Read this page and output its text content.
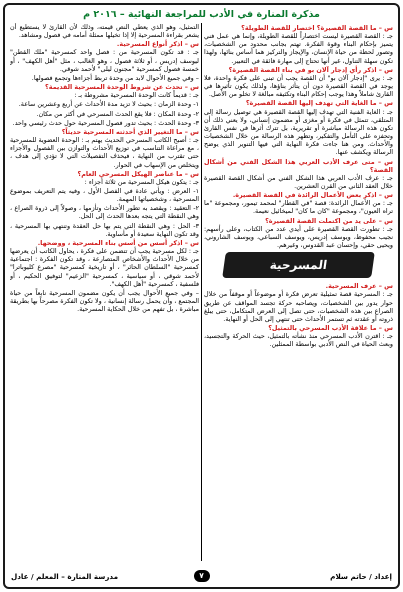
مذكرة المنارة في الأدب للمراجعة النهائية – ٢٠١٦ م
س – ما القصة القصيرة؟ اختصار للقصة الطويلة؟
جـ : القصة القصيرة ليست اختصاراً للقصة الطويلة، وإنما هي عمل فني يتميز بإحكام البناء وقوة الفكرة. تهتم بجانب محدود من الشخصيات، وتصور لحظة من حياة الإنسان، والإيجاز والتركيز هما أساس بنائها، ولهذا تكون سهلة التناول، غير أنها تحتاج إلى مهارة فائقة في التعبير.
س – اذكر رأي إدجار آلان بو في بناء القصة القصيرة؟
جـ : يرى "إدجار آلان بو" أن القصة يجب أن تبنى على فكرة واحدة، فلا يوجد في القصة القصيرة دون أن يتأثر بناؤها، ولذلك يكون تأثيرها في القارئ شاملاً وهذا يوجب إحكام البناء وتكثيفه مبالغة لا تخلو من الأصل.
س – ما الغاية التي تهدف إليها القصة القصيرة؟
جـ : الغاية الفنية التي تهدف إليها القصة القصيرة هي توصيل رسالة إلى المتلقي، تتمثل في فكرة أو مغزى أو مضمون إنساني، ولا يعني ذلك أن تكون هذه الرسالة مباشرة أو تقريرية، بل تترك أثرها في نفس القارئ وتحفزه على التأمل والتفكير، وتظهر هذه الرسالة من خلال الشخصيات والأحداث. ومن هنا جاءت فكرة النهاية التي فيها التنوير الذي يوضح الرسالة ويكشف عنها.
س – متى عرف الأدب العربي هذا الشكل الفني من أشكال القصة؟
جـ : عرف الأدب العربي هذا الشكل الفني من أشكال القصة القصيرة خلال العقد الثاني من القرن العشرين.
س – اذكر بعض الأعمال الرائدة في القصة القصيرة.
جـ : من الأعمال الرائدة: قصة "في القطار" لمحمد تيمور، ومجموعة "ما تراه العيون"، ومجموعة "كان ما كان" لميخائيل نعيمة.
س – على يد من اكتملت القصة القصيرة؟
جـ : تطورت القصة القصيرة على أيدي عدد من الكتاب، وعلى رأسهم: نجيب محفوظ، ويوسف إدريس، ويوسف السباعي، ويوسف الشاروني، ويحيى حقي، وإحسان عبد القدوس، وغيرهم.
المسرحية
س – عرف المسرحية.
جـ : المسرحية قصة تمثيلية تعرض فكرة أو موضوعاً أو موقفاً من خلال حوار يدور بين الشخصيات، ويصاحبه حركة تجسد المواقف عن طريق الصراع بين هذه الشخصيات، حتى تصل إلى العرض المتكامل، حتى يبلغ ذروته أو عقدته ثم تستمر الأحداث حتى تنتهي إلى الحل أو النهاية.
س – ما علاقة الأدب المسرحي بالتمثيل؟
جـ : اقترن الأدب المسرحي منذ نشأته بالتمثيل، حيث الحركة والتجسيد، وبعث الحياة في النص الأدبي بواسطة الممثلين.
التمثيل، وهو الذي يعطي النص قيمته، وذلك لأن القارئ لا يستطيع أن يشعر بقراءة المسرحية إلا إذا تخيلها ممثلة أمامه في فصول ومشاهد.
س – اذكر أنواع المسرحية.
جـ : قد تكون المسرحية من : فصل واحد كمسرحية "ملك القطن" ليوسف إدريس ، أو ثلاثة فصول ، وهو الغالب ، مثل "أهل الكهف" ، أو خمسة فصول كمسرحية "مجنون ليلى" لأحمد شوقي.
– وفي جميع الأحوال لابد من وحدة تربط أجزاءها وتجمع فصولها.
س – تحدث عن شروط الوحدة المسرحية القديمة؟
جـ : قديماً كانت الوحدة المسرحية مشروطة بـ :
١- وحدة الزمان : بحيث لا تزيد مدة الأحداث عن أربع وعشرين ساعة.
٢- وحدة المكان : فلا يقع الحدث المسرحي في أكثر من مكان.
٣- وحدة الحدث : بحيث تدور فصول المسرحية حول حدث رئيسي واحد.
س – ما التغيير الذي أحدثته المسرحية حديثاً؟
جـ : أصبح الكاتب المسرحي الحديث يهتم بـ : الوحدة العضوية للمسرحية ، مع مراعاة التناسب في توزيع الأحداث والتوازن بين الفصول والأجزاء حتى تقترب من النهاية ، فيحذف التفصيلات التي لا تؤدي إلى هدف ، ويتخلص من الإسهاب في الحوار.
س – ما عناصر الهيكل المسرحي العام؟
جـ : يتكون هيكل المسرحية من ثلاثة أجزاء :
١- العرض : ويأتي عادة في الفصل الأول ، وفيه يتم التعريف بموضوع المسرحية ، وشخصياتها المهمة.
٢- التعقيد : ويقصد به تطور الأحداث وتأزمها ، وصولاً إلى ذروة الصراع ، وهي النقطة التي يتجه بعدها الحدث إلى الحل.
٣- الحل : وهي النقطة التي يتم بها حل العقدة وتنتهي بها المسرحية ، وقد تكون النهاية سعيدة أو مأساوية.
س – اذكر أسس من أسس بناء المسرحية ، ووضحها.
جـ : لكل مسرحية يجب أن تتضمن على فكرة ، يحاول الكاتب أن يعرضها من خلال الأحداث والأشخاص المتصارعة ، وقد تكون الفكرة : اجتماعية كمسرحية "السلطان الحائر" ، أو تاريخية كمسرحية "مصرع كليوباترا" لأحمد شوقي ، أو سياسية ، كمسرحية "الزعيم" لتوفيق الحكيم ، أو فلسفية ، كمسرحية "أهل الكهف".
– وفي جميع الأحوال يجب أن يكون مضمون المسرحية نابعاً من حياة المجتمع ، وأن يحمل رسالة إنسانية ، ولا تكون الفكرة مصرحاً بها بطريقة مباشرة ، بل تفهم من خلال الحكاية المسرحية.
إعداد / حاتم سلام
٧
مدرسة المنارة – المعلم / عادل
